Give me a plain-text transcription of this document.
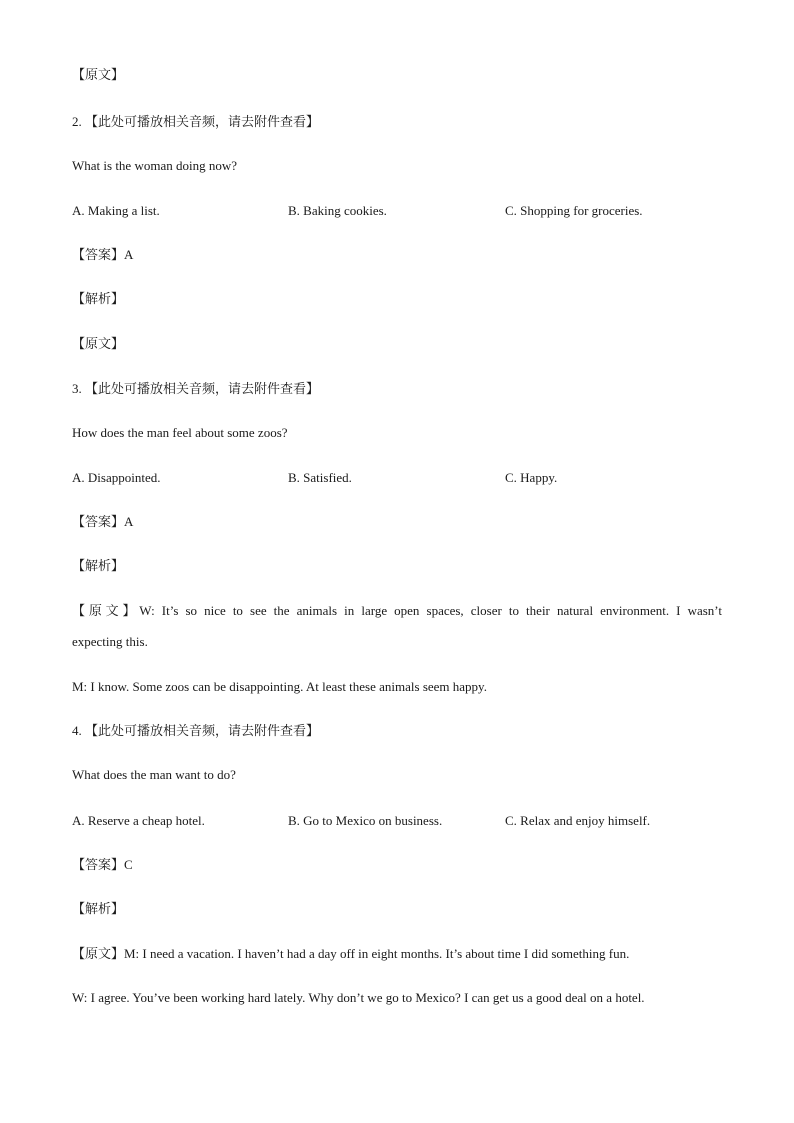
【原文】
2. 【此处可播放相关音频，请去附件查看】
What is the woman doing now?
A. Making a list.	B. Baking cookies.	C. Shopping for groceries.
【答案】A
【解析】
【原文】
3. 【此处可播放相关音频，请去附件查看】
How does the man feel about some zoos?
A. Disappointed.	B. Satisfied.	C. Happy.
【答案】A
【解析】
【原文】W: It’s so nice to see the animals in large open spaces, closer to their natural environment. I wasn’t
expecting this.
M: I know. Some zoos can be disappointing. At least these animals seem happy.
4. 【此处可播放相关音频，请去附件查看】
What does the man want to do?
A. Reserve a cheap hotel.	B. Go to Mexico on business.	C. Relax and enjoy himself.
【答案】C
【解析】
【原文】M: I need a vacation. I haven’t had a day off in eight months. It’s about time I did something fun.
W: I agree. You’ve been working hard lately. Why don’t we go to Mexico? I can get us a good deal on a hotel.
